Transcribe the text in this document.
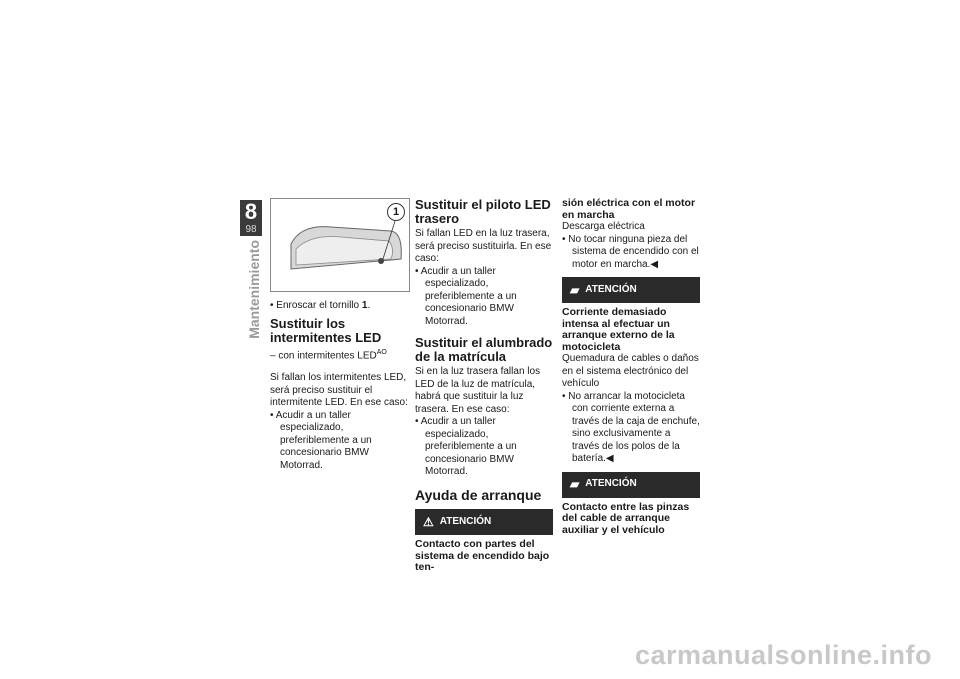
8
98
Mantenimiento
1

• Enroscar el tornillo 1.

Sustituir los intermitentes LED

– con intermitentes $LED^{AO}$

Si fallan los intermitentes LED, será preciso sustituir el intermitente LED. En ese caso:

• Acudir a un taller especializado, preferiblemente a un concesionario BMW Motorrad.

Sustituir el piloto LED trasero

Si fallan LED en la luz trasera, será preciso sustituirla. En ese caso:

• Acudir a un taller especializado, preferiblemente a un concesionario BMW Motorrad.

Sustituir el alumbrado de la matrícula

Si en la luz trasera fallan los LED de la luz de matrícula, habrá que sustituir la luz trasera. En ese caso:

• Acudir a un taller especializado, preferiblemente a un concesionario BMW Motorrad.

Ayuda de arranque
⚠ ATENCIÓN
Contacto con partes del sistema de encendido bajo ten-
sión eléctrica con el motor en marcha

Descarga eléctrica

• No tocar ninguna pieza del sistema de encendido con el motor en marcha.◀

▰ ATENCIÓN
Corriente demasiado intensa al efectuar un arranque externo de la motocicleta

Quemadura de cables o daños en el sistema electrónico del vehículo

• No arrancar la motocicleta con corriente externa a través de la caja de enchufe, sino exclusivamente a través de los polos de la batería.◀

▰ ATENCIÓN
Contacto entre las pinzas del cable de arranque auxiliar y el vehículo
carmanualsonline.info
